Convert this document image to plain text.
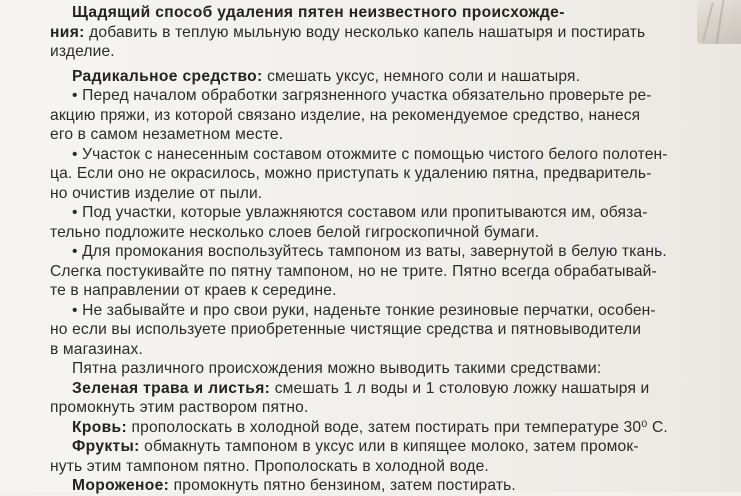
Щадящий способ удаления пятен неизвестного происхожде-
ния: добавить в теплую мыльную воду несколько капель нашатыря и постирать
изделие.
Радикальное средство: смешать уксус, немного соли и нашатыря.
• Перед началом обработки загрязненного участка обязательно проверьте ре-
акцию пряжи, из которой связано изделие, на рекомендуемое средство, нанеся
его в самом незаметном месте.
• Участок с нанесенным составом отожмите с помощью чистого белого полотен-
ца. Если оно не окрасилось, можно приступать к удалению пятна, предваритель-
но очистив изделие от пыли.
• Под участки, которые увлажняются составом или пропитываются им, обяза-
тельно подложите несколько слоев белой гигроскопичной бумаги.
• Для промокания воспользуйтесь тампоном из ваты, завернутой в белую ткань.
Слегка постукивайте по пятну тампоном, но не трите. Пятно всегда обрабатывай-
те в направлении от краев к середине.
• Не забывайте и про свои руки, наденьте тонкие резиновые перчатки, особен-
но если вы используете приобретенные чистящие средства и пятновыводители
в магазинах.
Пятна различного происхождения можно выводить такими средствами:
Зеленая трава и листья: смешать 1 л воды и 1 столовую ложку нашатыря и
промокнуть этим раствором пятно.
Кровь: прополоскать в холодной воде, затем постирать при температуре 30⁰ С.
Фрукты: обмакнуть тампоном в уксус или в кипящее молоко, затем промок-
нуть этим тампоном пятно. Прополоскать в холодной воде.
Мороженое: промокнуть пятно бензином, затем постирать.
